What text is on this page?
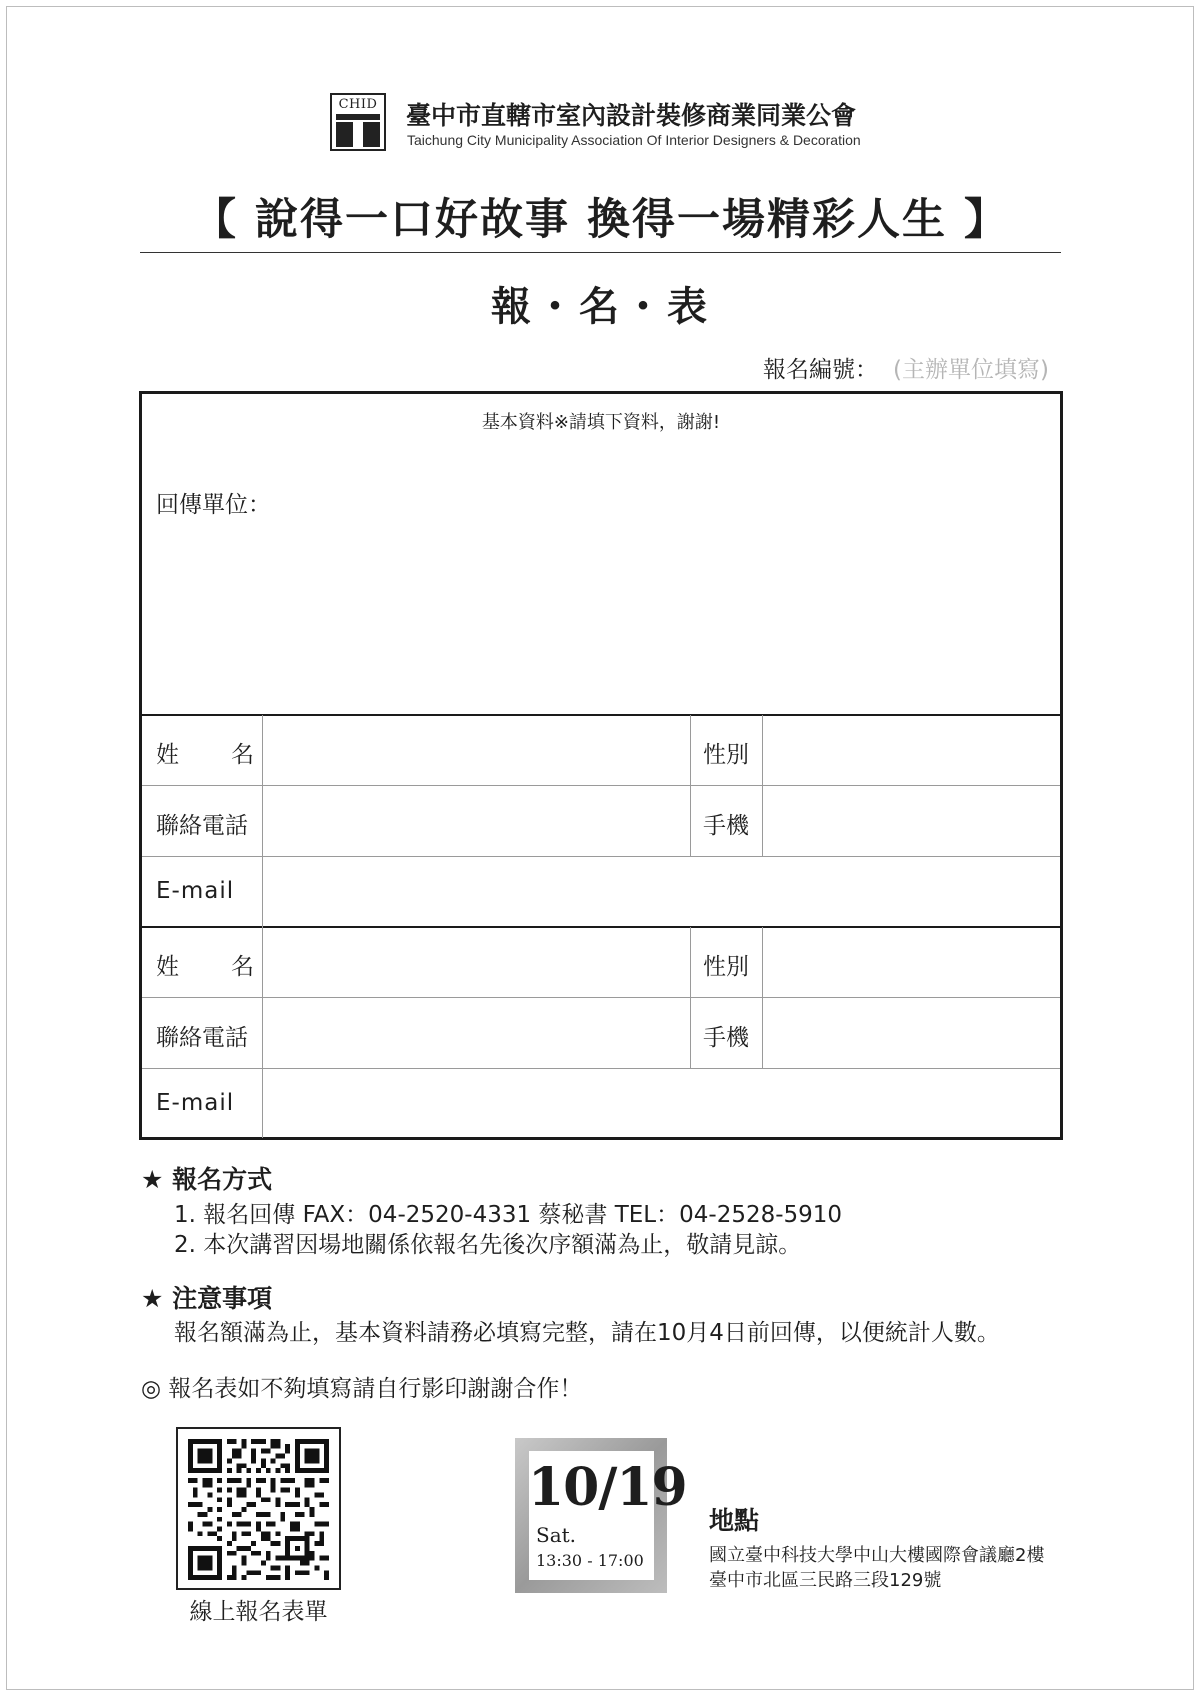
CHID 臺中市直轄市室內設計裝修商業同業公會
Taichung City Municipality Association Of Interior Designers & Decoration
【 說得一口好故事 換得一場精彩人生 】
報・名・表
報名編號： (主辦單位填寫)
基本資料※請填下資料，謝謝!
回傳單位：
姓 名	性別
聯絡電話	手機
E-mail
姓 名	性別
聯絡電話	手機
E-mail
★ 報名方式
1. 報名回傳 FAX：04-2520-4331 蔡秘書 TEL：04-2528-5910
2. 本次講習因場地關係依報名先後次序額滿為止，敬請見諒。
★ 注意事項
報名額滿為止，基本資料請務必填寫完整，請在10月4日前回傳，以便統計人數。
◎ 報名表如不夠填寫請自行影印謝謝合作！
線上報名表單
10/19
Sat.
13:30 - 17:00
地點
國立臺中科技大學中山大樓國際會議廳2樓
臺中市北區三民路三段129號
